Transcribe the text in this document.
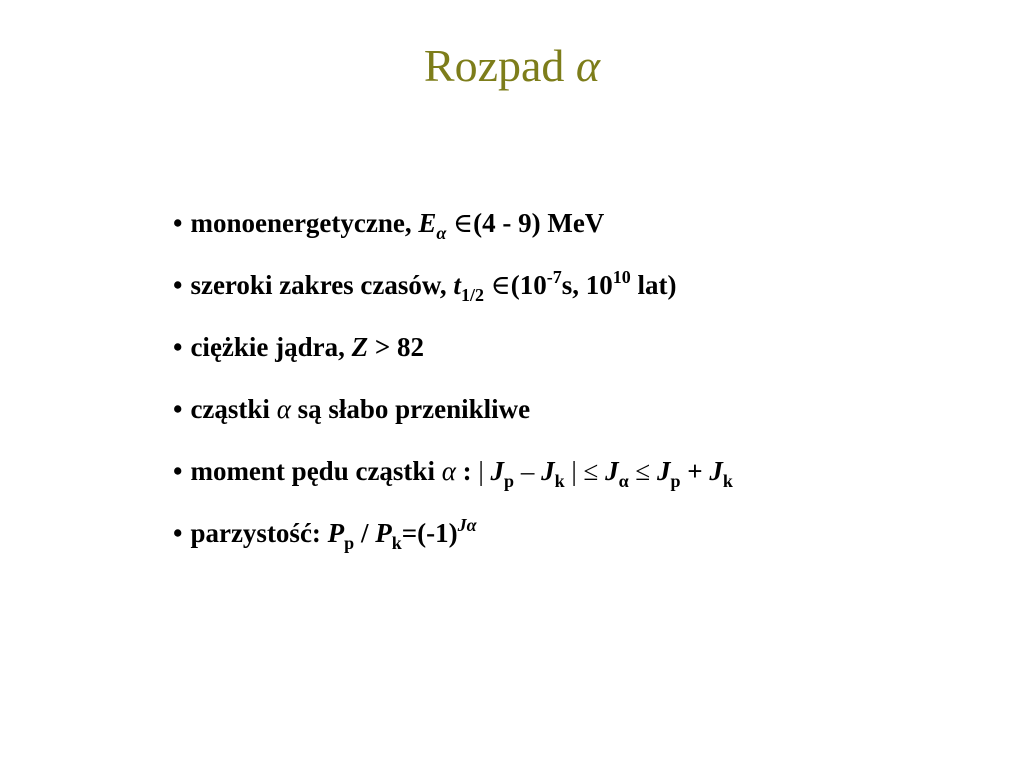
Rozpad α
• monoenergetyczne, $E_\alpha$ ∈(4 - 9) MeV
• szeroki zakres czasów, $t_{1/2}$ $\in(10^{-7}s$, $10^{10}$ lat)
• ciężkie jądra, Z > 82
• cząstki α są słabo przenikliwe
• moment pędu cząstki α : | $J_p - J_k$ | ≤ $J_\alpha \le J_p + J_k$
• parzystość: $P_p / P_k=(-1)^{J\alpha}$
